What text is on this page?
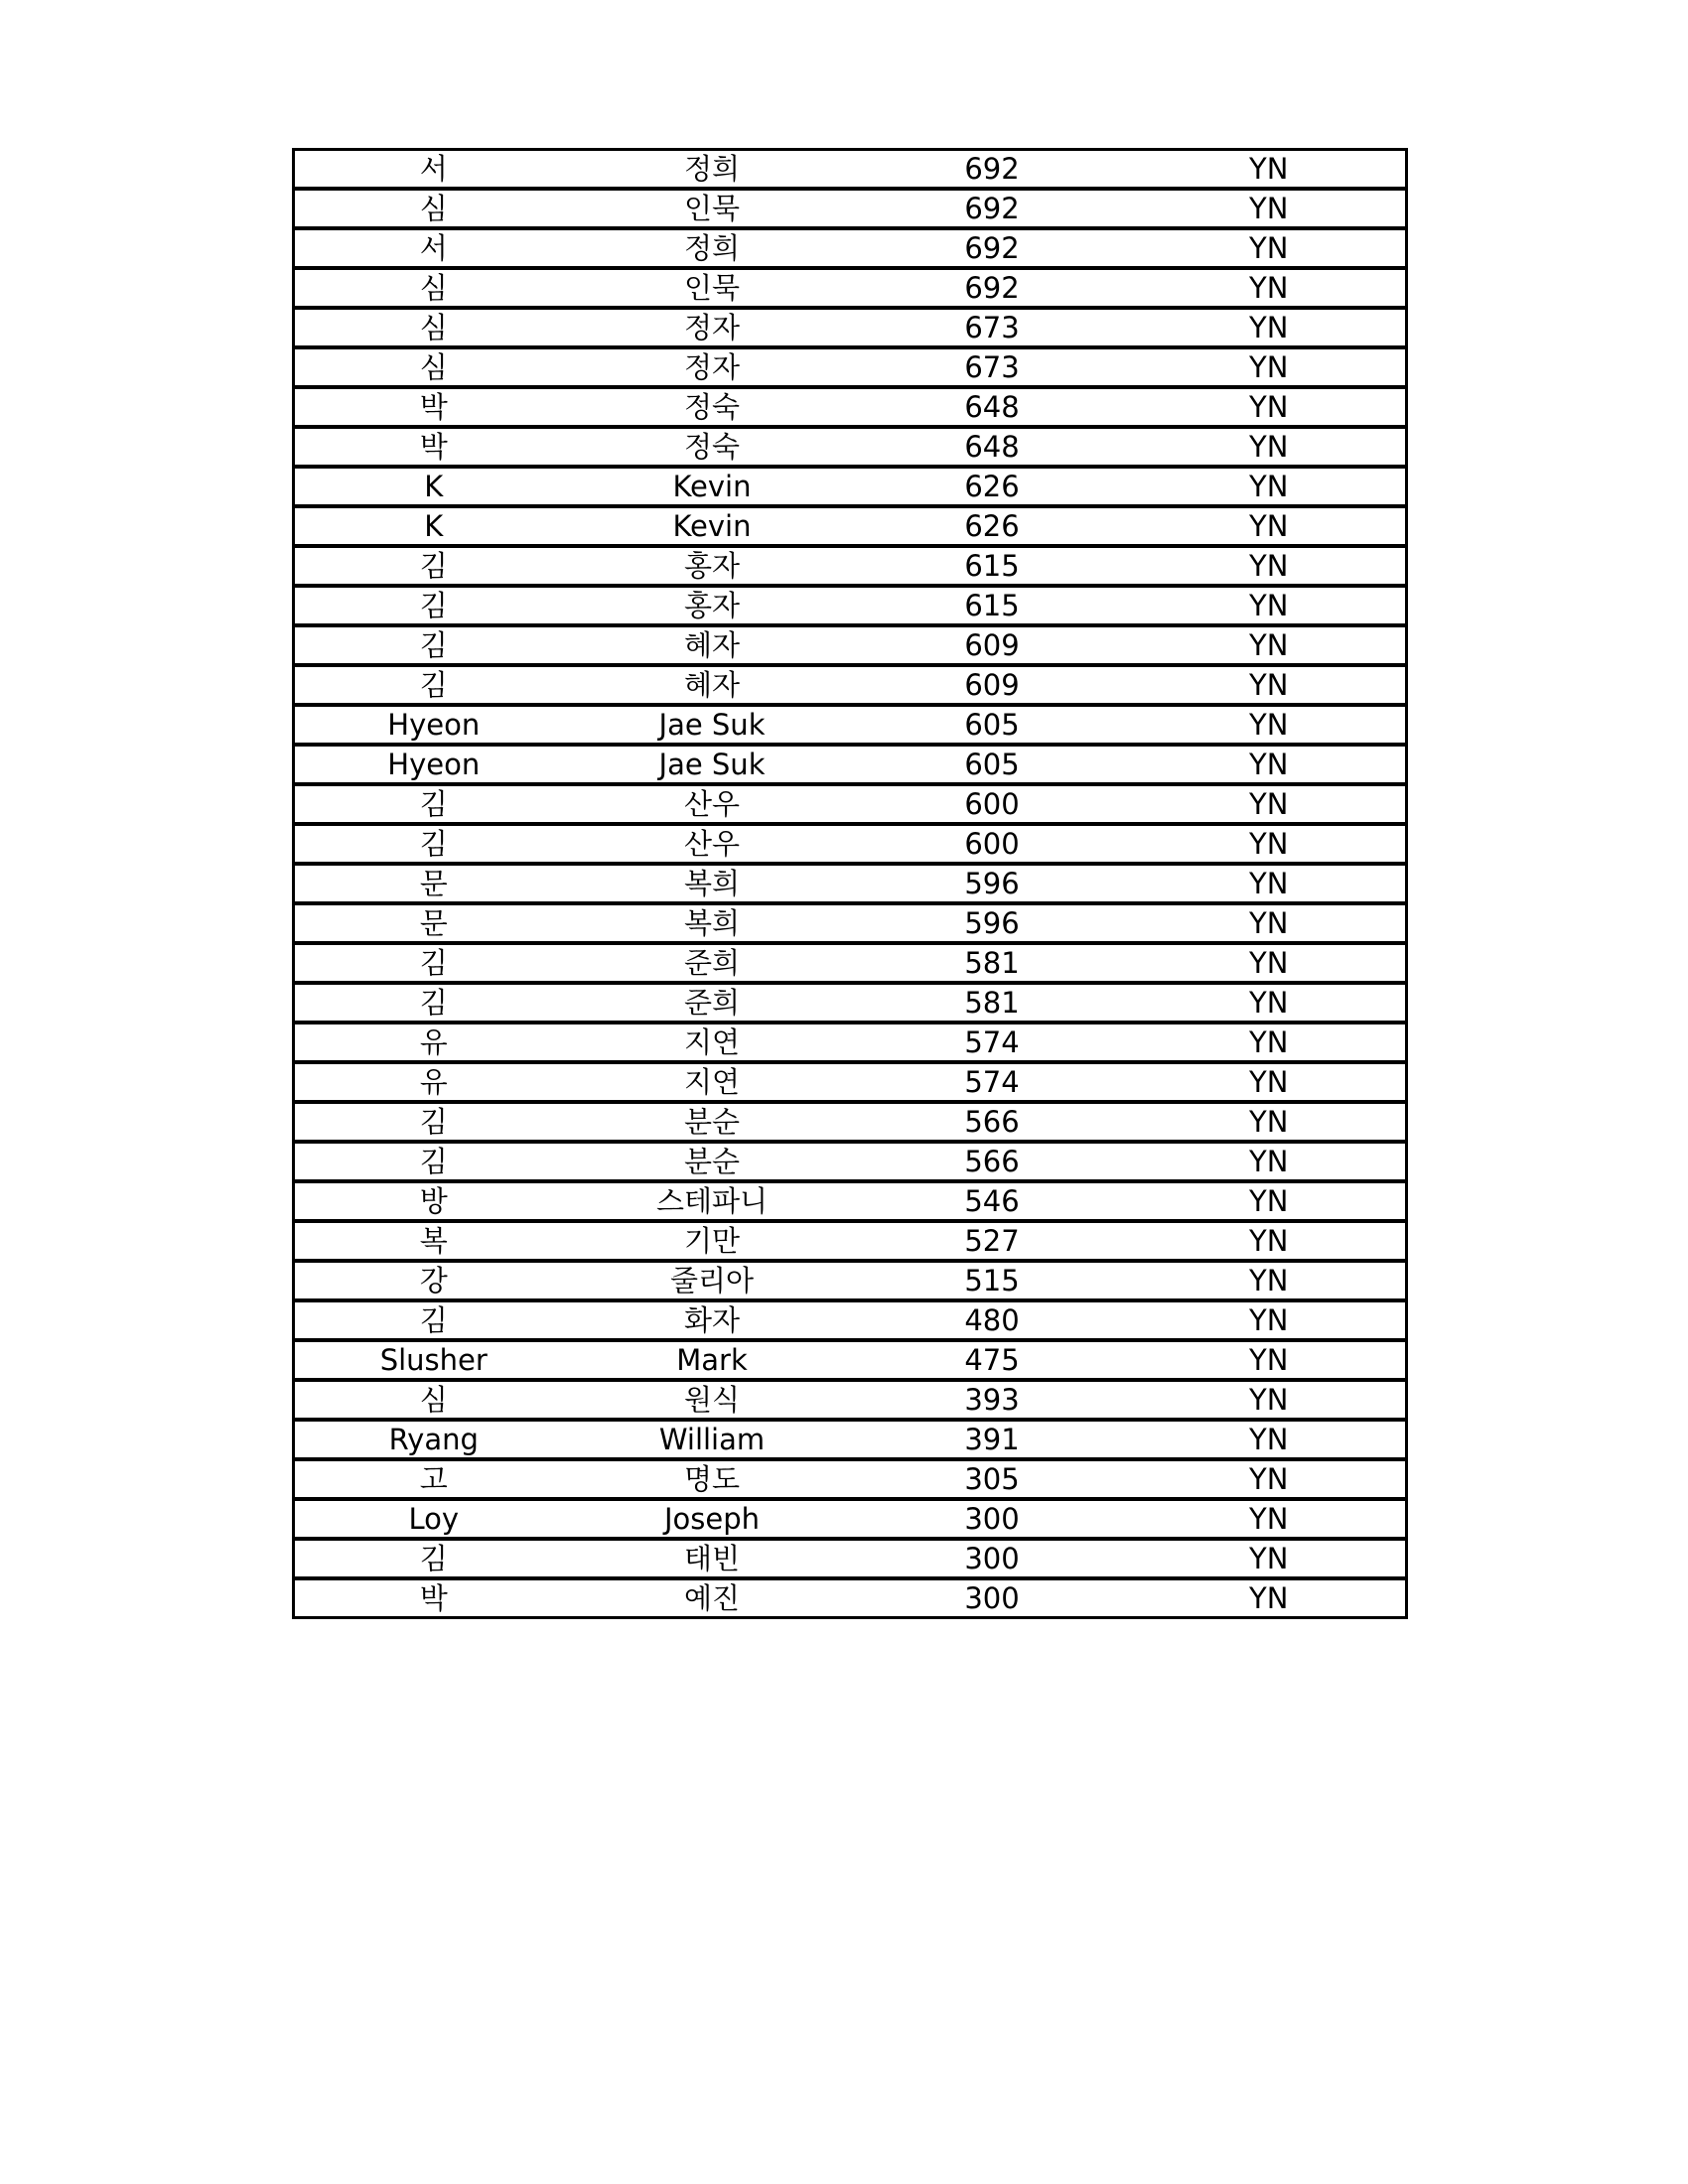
서	정희	692	YN
심	인묵	692	YN
서	정희	692	YN
심	인묵	692	YN
심	정자	673	YN
심	정자	673	YN
박	정숙	648	YN
박	정숙	648	YN
K	Kevin	626	YN
K	Kevin	626	YN
김	홍자	615	YN
김	홍자	615	YN
김	혜자	609	YN
김	혜자	609	YN
Hyeon	Jae Suk	605	YN
Hyeon	Jae Suk	605	YN
김	산우	600	YN
김	산우	600	YN
문	복희	596	YN
문	복희	596	YN
김	준희	581	YN
김	준희	581	YN
유	지연	574	YN
유	지연	574	YN
김	분순	566	YN
김	분순	566	YN
방	스테파니	546	YN
복	기만	527	YN
강	줄리아	515	YN
김	화자	480	YN
Slusher	Mark	475	YN
심	원식	393	YN
Ryang	William	391	YN
고	명도	305	YN
Loy	Joseph	300	YN
김	태빈	300	YN
박	예진	300	YN
